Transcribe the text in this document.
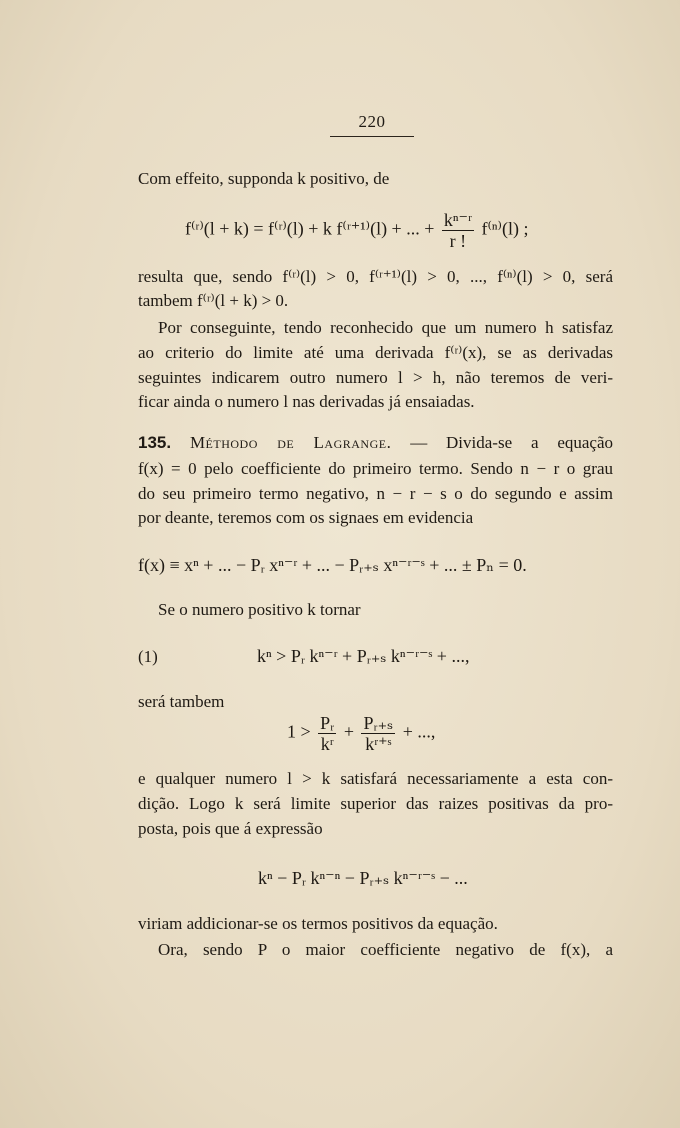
220
Com effeito, supponda k positivo, de
f⁽ʳ⁾(l + k) = f⁽ʳ⁾(l) + k f⁽ʳ⁺¹⁾(l) + ... + $\frac{\text{kⁿ⁻ʳ}}{r !} f^{(n)}(l)$ ;
resulta que, sendo f⁽ʳ⁾(l) > 0, f⁽ʳ⁺¹⁾(l) > 0, ..., f⁽ⁿ⁾(l) > 0, será
tambem f⁽ʳ⁾(l + k) > 0.
Por conseguinte, tendo reconhecido que um numero h satisfaz
ao criterio do limite até uma derivada f⁽ʳ⁾(x), se as derivadas
seguintes indicarem outro numero l > h, não teremos de veri-
ficar ainda o numero l nas derivadas já ensaiadas.
135. Méthodo de Lagrange. — Divida-se a equação
f(x) = 0 pelo coefficiente do primeiro termo. Sendo n − r o grau
do seu primeiro termo negativo, n − r − s o do segundo e assim
por deante, teremos com os signaes em evidencia
f(x) ≡ xⁿ + ... − Pᵣ xⁿ⁻ʳ + ... − Pᵣ₊ₛ xⁿ⁻ʳ⁻ˢ + ... ± Pₙ = 0.
Se o numero positivo k tornar
(1)	kⁿ > Pᵣ kⁿ⁻ʳ + Pᵣ₊ₛ kⁿ⁻ʳ⁻ˢ + ...,
será tambem
$1 > \frac{\text{Pᵣ}}{\text{kʳ}} + \frac{\text{Pᵣ₊ₛ}}{\text{kʳ⁺ˢ}}$ + ...,
e qualquer numero l > k satisfará necessariamente a esta con-
dição. Logo k será limite superior das raizes positivas da pro-
posta, pois que á expressão
kⁿ − Pᵣ kⁿ⁻ⁿ − Pᵣ₊ₛ kⁿ⁻ʳ⁻ˢ − ...
viriam addicionar-se os termos positivos da equação.
Ora, sendo P o maior coefficiente negativo de f(x), a
